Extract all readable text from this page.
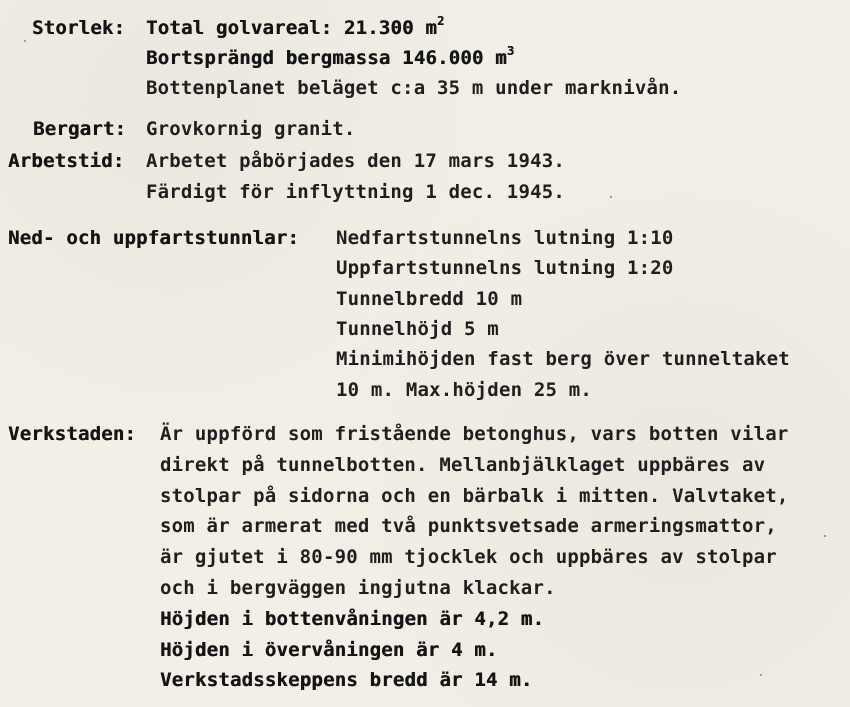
Storlek: Total golvareal: 21.300 $m^2$
Bortsprängd bergmassa 146.000 $m^3$
Bottenplanet beläget c:a 35 m under marknivån.
Bergart: Grovkornig granit.
Arbetstid: Arbetet påbörjades den 17 mars 1943.
Färdigt för inflyttning 1 dec. 1945.
Ned- och uppfartstunnlar: Nedfartstunnelns lutning 1:10
Uppfartstunnelns lutning 1:20
Tunnelbredd 10 m
Tunnelhöjd 5 m
Minimihöjden fast berg över tunneltaket
10 m. Max.höjden 25 m.
Verkstaden: Är uppförd som fristående betonghus, vars botten vilar
direkt på tunnelbotten. Mellanbjälklaget uppbäres av
stolpar på sidorna och en bärbalk i mitten. Valvtaket,
som är armerat med två punktsvetsade armeringsmattor,
är gjutet i 80-90 mm tjocklek och uppbäres av stolpar
och i bergväggen ingjutna klackar.
Höjden i bottenvåningen är 4,2 m.
Höjden i övervåningen är 4 m.
Verkstadsskeppens bredd är 14 m.
